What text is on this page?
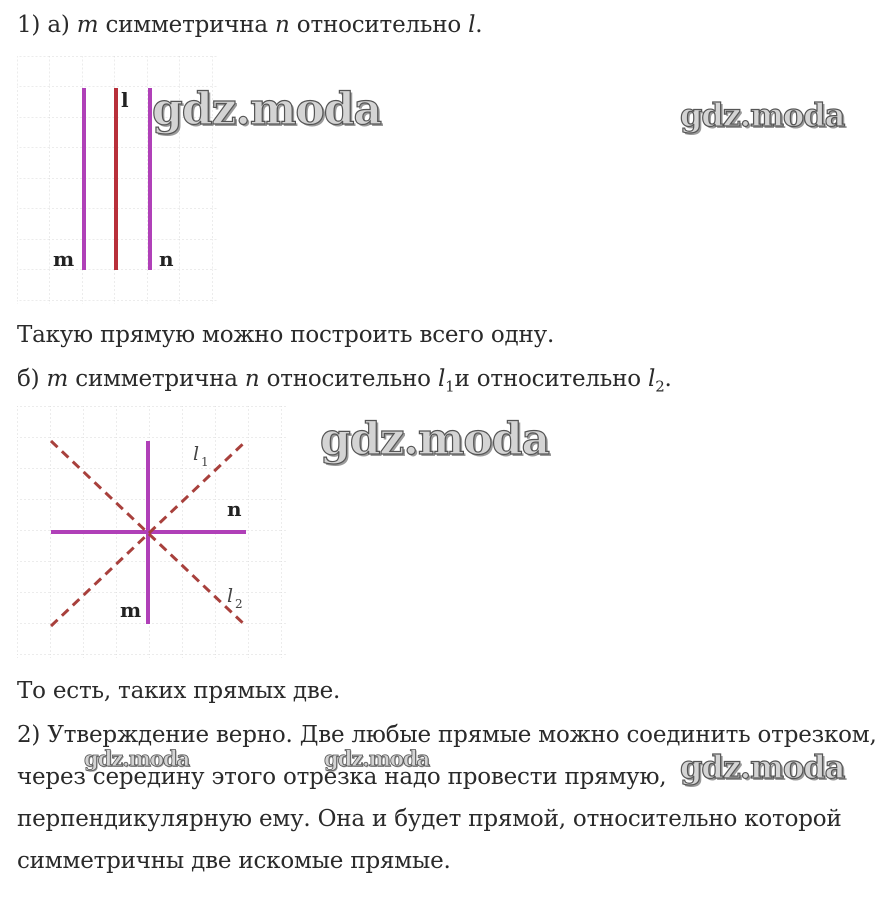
1) а) m симметрична n относительно l.
m
l
n
Такую прямую можно построить всего одну.
б) m симметрична n относительно $l_1и$ относительно $l_2$.
n
m
l 1
l 2
То есть, таких прямых две.
2) Утверждение верно. Две любые прямые можно соединить отрезком,
через середину этого отрезка надо провести прямую,
перпендикулярную ему. Она и будет прямой, относительно которой
симметричны две искомые прямые.
gdz.moda	gdz.moda
gdz.moda
gdz.moda	gdz.moda	gdz.moda
